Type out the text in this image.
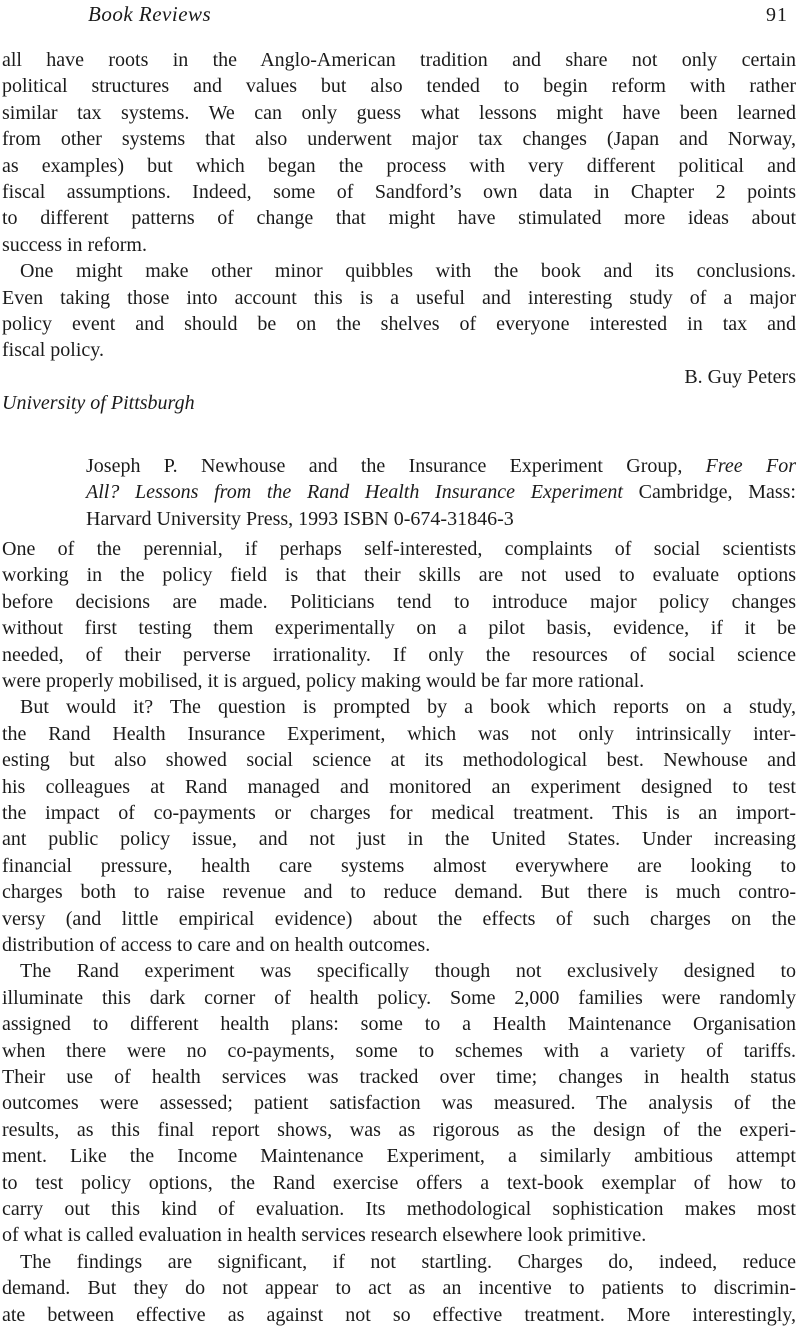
Book Reviews	91
all have roots in the Anglo-American tradition and share not only certain
political structures and values but also tended to begin reform with rather
similar tax systems. We can only guess what lessons might have been learned
from other systems that also underwent major tax changes (Japan and Norway,
as examples) but which began the process with very different political and
fiscal assumptions. Indeed, some of Sandford’s own data in Chapter 2 points
to different patterns of change that might have stimulated more ideas about
success in reform.
One might make other minor quibbles with the book and its conclusions.
Even taking those into account this is a useful and interesting study of a major
policy event and should be on the shelves of everyone interested in tax and
fiscal policy.
B. Guy Peters
University of Pittsburgh
Joseph P. Newhouse and the Insurance Experiment Group, Free For
All? Lessons from the Rand Health Insurance Experiment Cambridge, Mass:
Harvard University Press, 1993 ISBN 0-674-31846-3
One of the perennial, if perhaps self-interested, complaints of social scientists
working in the policy field is that their skills are not used to evaluate options
before decisions are made. Politicians tend to introduce major policy changes
without first testing them experimentally on a pilot basis, evidence, if it be
needed, of their perverse irrationality. If only the resources of social science
were properly mobilised, it is argued, policy making would be far more rational.
But would it? The question is prompted by a book which reports on a study,
the Rand Health Insurance Experiment, which was not only intrinsically inter-
esting but also showed social science at its methodological best. Newhouse and
his colleagues at Rand managed and monitored an experiment designed to test
the impact of co-payments or charges for medical treatment. This is an import-
ant public policy issue, and not just in the United States. Under increasing
financial pressure, health care systems almost everywhere are looking to
charges both to raise revenue and to reduce demand. But there is much contro-
versy (and little empirical evidence) about the effects of such charges on the
distribution of access to care and on health outcomes.
The Rand experiment was specifically though not exclusively designed to
illuminate this dark corner of health policy. Some 2,000 families were randomly
assigned to different health plans: some to a Health Maintenance Organisation
when there were no co-payments, some to schemes with a variety of tariffs.
Their use of health services was tracked over time; changes in health status
outcomes were assessed; patient satisfaction was measured. The analysis of the
results, as this final report shows, was as rigorous as the design of the experi-
ment. Like the Income Maintenance Experiment, a similarly ambitious attempt
to test policy options, the Rand exercise offers a text-book exemplar of how to
carry out this kind of evaluation. Its methodological sophistication makes most
of what is called evaluation in health services research elsewhere look primitive.
The findings are significant, if not startling. Charges do, indeed, reduce
demand. But they do not appear to act as an incentive to patients to discrimin-
ate between effective as against not so effective treatment. More interestingly,
